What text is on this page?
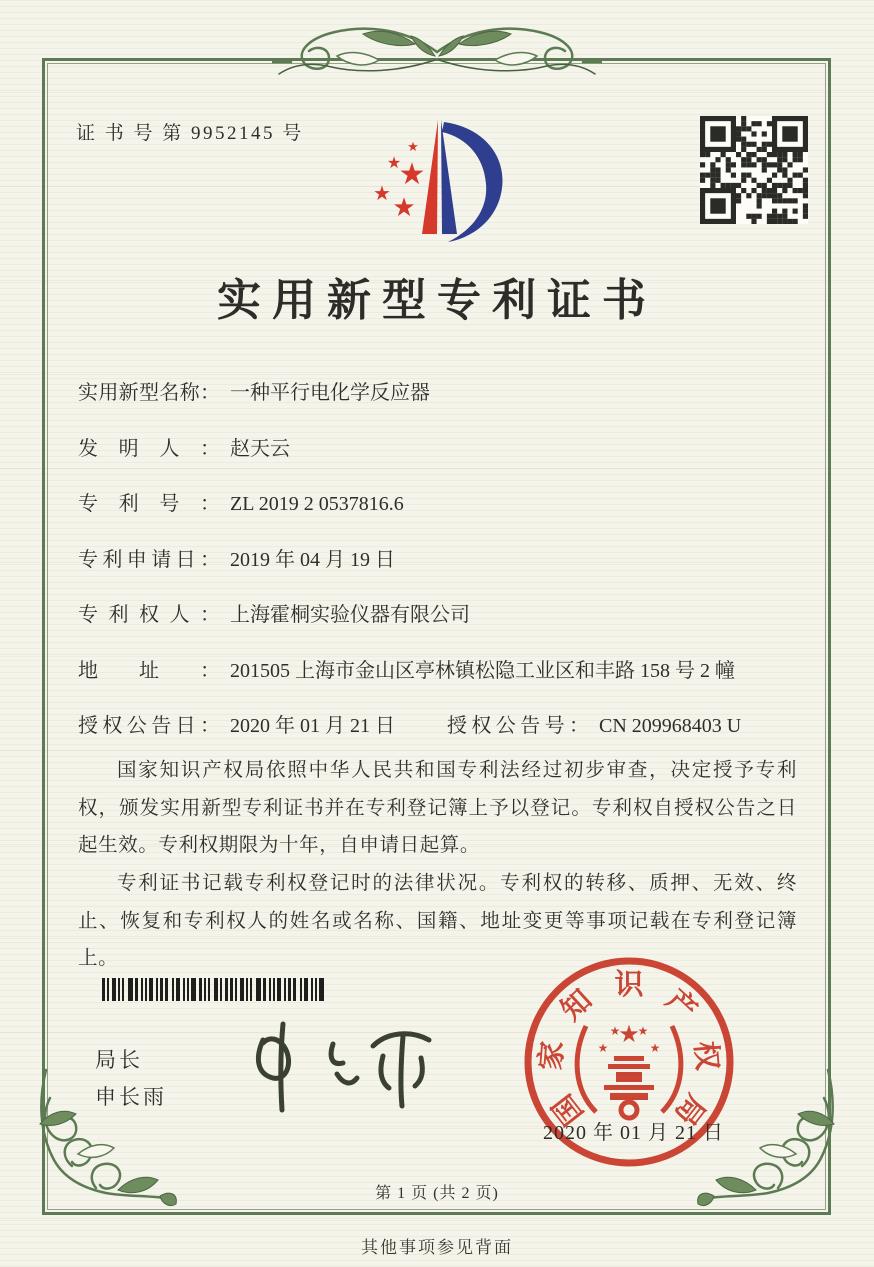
证 书 号 第 9952145 号
★
★
★
★
★
实用新型专利证书
实用新型名称： 一种平行电化学反应器
发明人： 赵天云
专利号： ZL 2019 2 0537816.6
专利申请日： 2019 年 04 月 19 日
专利权人： 上海霍桐实验仪器有限公司
地址： 201505 上海市金山区亭林镇松隐工业区和丰路 158 号 2 幢
授权公告日： 2020 年 01 月 21 日	授权公告号： CN 209968403 U

国家知识产权局依照中华人民共和国专利法经过初步审查，决定授予专利权，颁发实用新型专利证书并在专利登记簿上予以登记。专利权自授权公告之日起生效。专利权期限为十年，自申请日起算。

专利证书记载专利权登记时的法律状况。专利权的转移、质押、无效、终止、恢复和专利权人的姓名或名称、国籍、地址变更等事项记载在专利登记簿上。

局长
申长雨
★
★
★ ★
★
国
家
知 识 产
权
局
2020 年 01 月 21 日
第 1 页 (共 2 页)
其他事项参见背面
